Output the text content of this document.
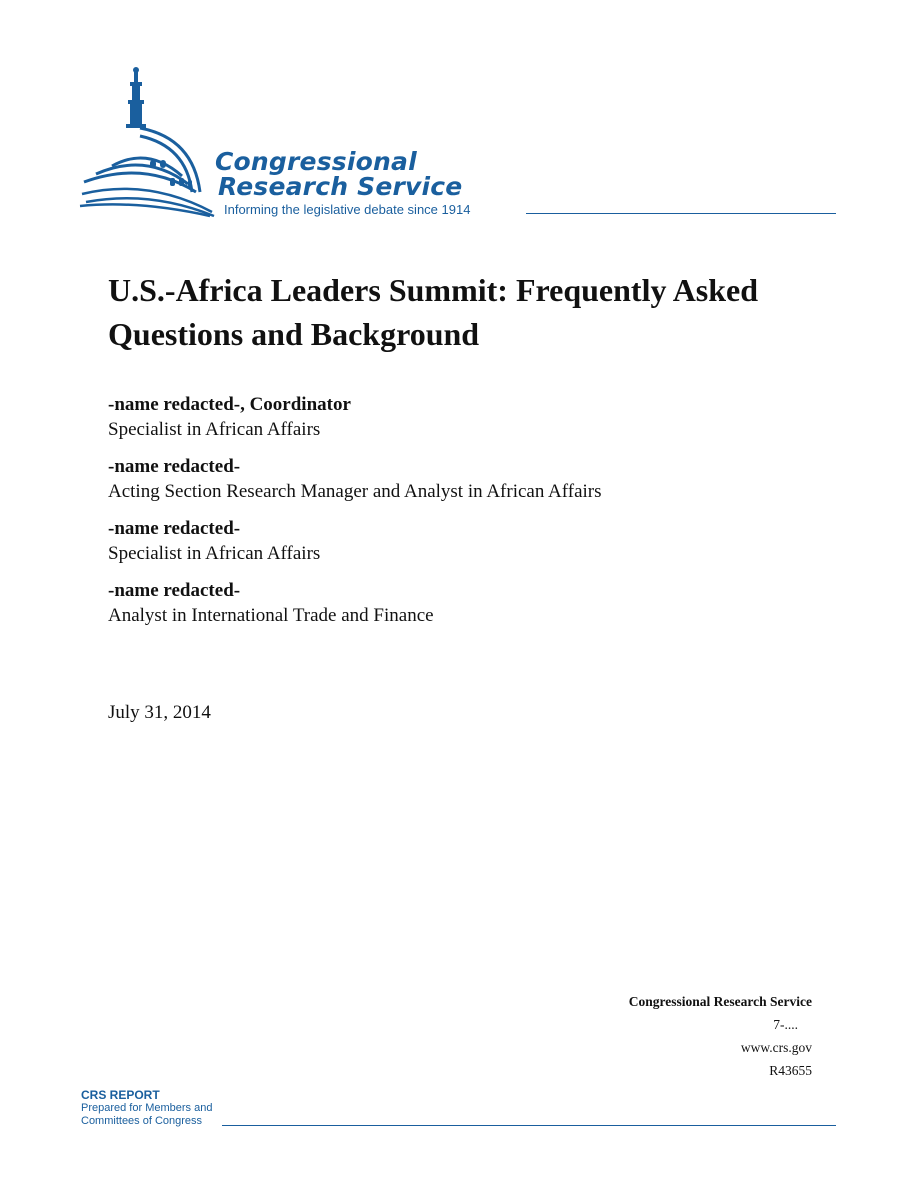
Congressional
Research Service
Informing the legislative debate since 1914
U.S.-Africa Leaders Summit: Frequently Asked Questions and Background
-name redacted-, Coordinator
Specialist in African Affairs
-name redacted-
Acting Section Research Manager and Analyst in African Affairs
-name redacted-
Specialist in African Affairs
-name redacted-
Analyst in International Trade and Finance
July 31, 2014
Congressional Research Service
7-....
www.crs.gov
R43655
CRS REPORT
Prepared for Members and
Committees of Congress
